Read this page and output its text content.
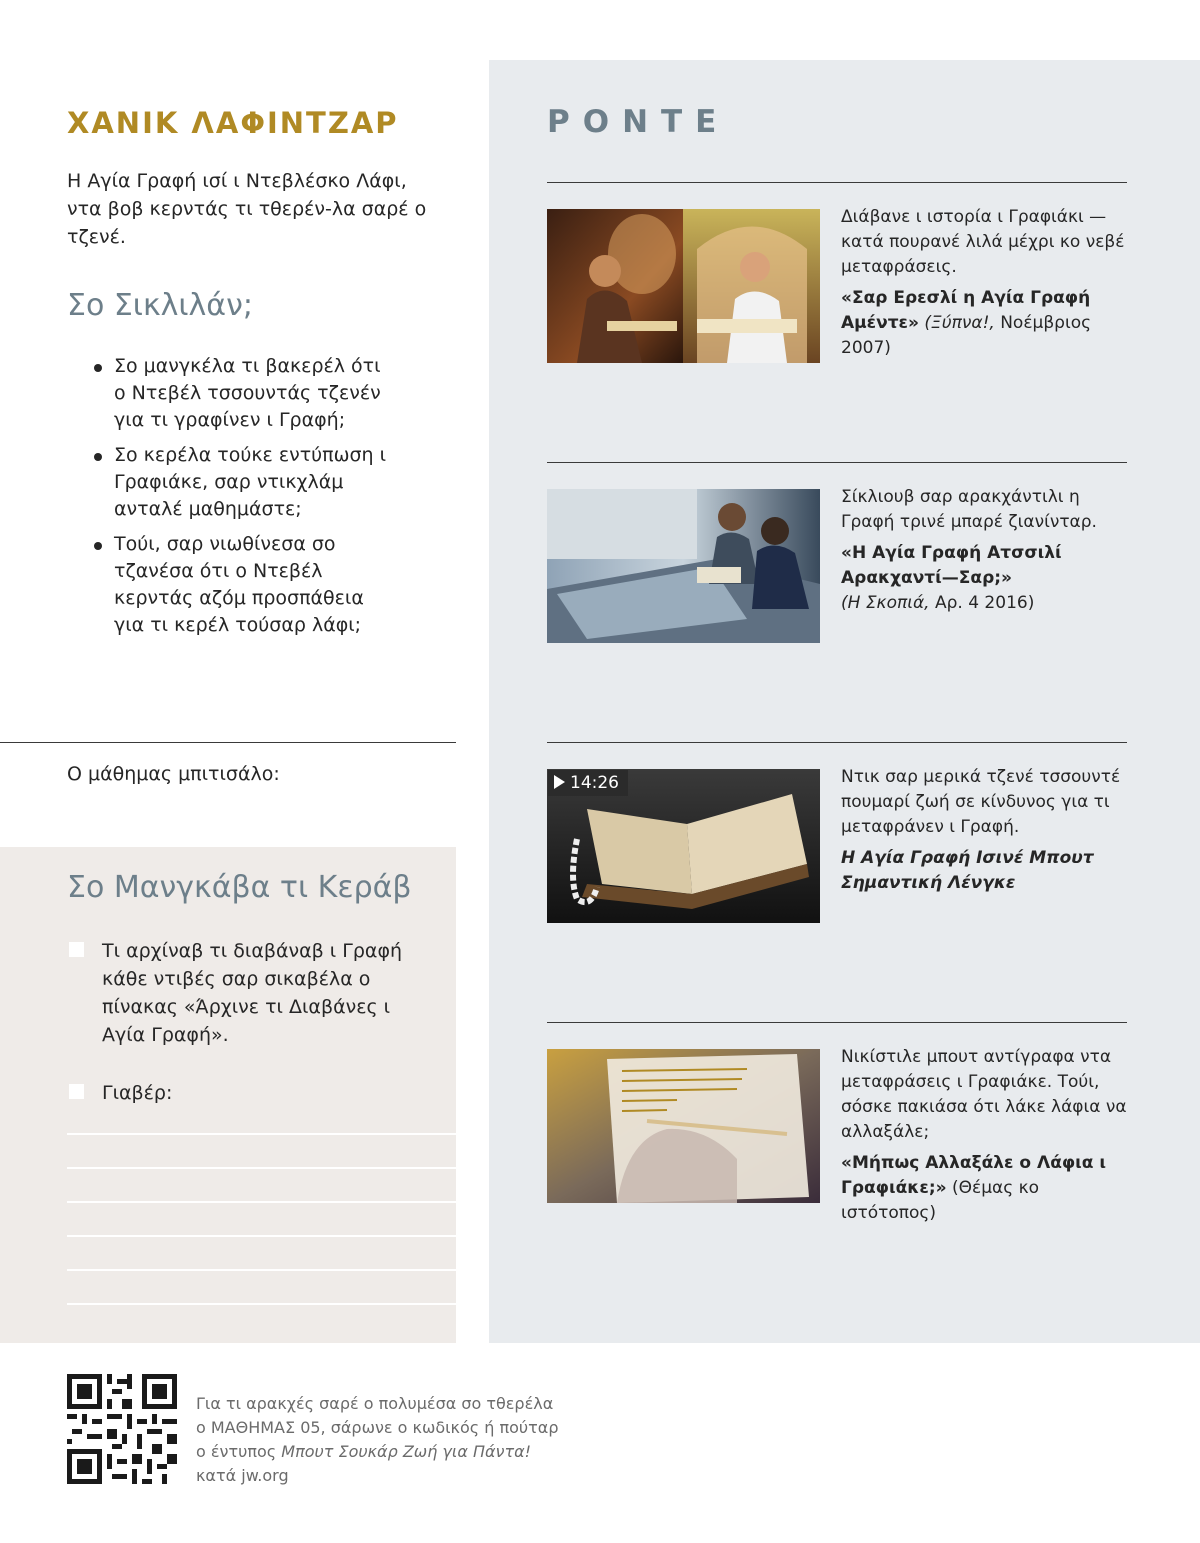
ΧΑΝΙΚ ΛΑΦΙΝΤΖΑΡ
Η Αγία Γραφή ισί ι Ντεβλέσκο Λάφι, ντα βοβ κερντάς τι τθερέν-λα σαρέ ο τζενέ.
Σο Σικλιλάν;
Σο μανγκέλα τι βακερέλ ότι ο Ντεβέλ τσσουντάς τζενέν για τι γραφίνεν ι Γραφή;
Σο κερέλα τούκε εντύπωση ι Γραφιάκε, σαρ ντικχλάμ ανταλέ μαθημάστε;
Τούι, σαρ νιωθίνεσα σο τζανέσα ότι ο Ντεβέλ κερντάς αζόμ προσπάθεια για τι κερέλ τούσαρ λάφι;
Ο μάθημας μπιτισάλο:
Σο Μανγκάβα τι Κεράβ
Τι αρχίναβ τι διαβάναβ ι Γραφή κάθε ντιβές σαρ σικαβέλα ο πίνακας «Άρχινε τι Διαβάνες ι Αγία Γραφή».
Γιαβέρ:
ΡΟΝΤΕ

Διάβανε ι ιστορία ι Γραφιάκι —κατά πουρανέ λιλά μέχρι κο νεβέ μεταφράσεις.

«Σαρ Ερεσλί η Αγία Γραφή Αμέντε» (Ξύπνα!, Νοέμβριος 2007)

Σίκλιουβ σαρ αρακχάντιλι η Γραφή τρινέ μπαρέ ζιανίνταρ.

«Η Αγία Γραφή Ατσσιλί Αρακχαντί—Σαρ;»
(Η Σκοπιά, Αρ. 4 2016)
14:26	Ντικ σαρ μερικά τζενέ τσσουντέ πουμαρί ζωή σε κίνδυνος για τι μεταφράνεν ι Γραφή.

Η Αγία Γραφή Ισινέ Μπουτ Σημαντική Λένγκε

Νικίστιλε μπουτ αντίγραφα ντα μεταφράσεις ι Γραφιάκε. Τούι, σόσκε πακιάσα ότι λάκε λάφια να αλλαξάλε;

«Μήπως Αλλαξάλε ο Λάφια ι Γραφιάκε;» (Θέμας κο ιστότοπος)
Για τι αρακχές σαρέ ο πολυμέσα σο τθερέλα
ο ΜΑΘΗΜΑΣ 05, σάρωνε ο κωδικός ή πούταρ
ο έντυπος Μπουτ Σουκάρ Ζωή για Πάντα!
κατά jw.org
